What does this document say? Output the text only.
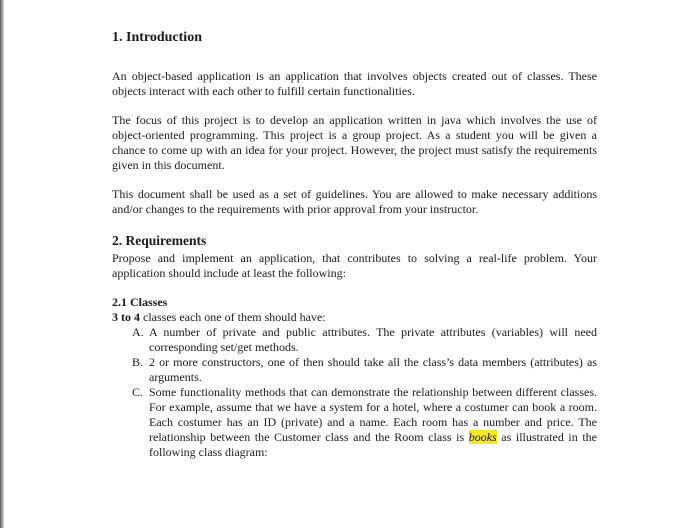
1. Introduction

An object-based application is an application that involves objects created out of classes. These objects interact with each other to fulfill certain functionalities.

The focus of this project is to develop an application written in java which involves the use of object-oriented programming. This project is a group project. As a student you will be given a chance to come up with an idea for your project. However, the project must satisfy the requirements given in this document.

This document shall be used as a set of guidelines. You are allowed to make necessary additions and/or changes to the requirements with prior approval from your instructor.

2. Requirements

Propose and implement an application, that contributes to solving a real-life problem. Your application should include at least the following:

2.1 Classes

3 to 4 classes each one of them should have:

A. A number of private and public attributes. The private attributes (variables) will need corresponding set/get methods.
B. 2 or more constructors, one of then should take all the class’s data members (attributes) as arguments.
C. Some functionality methods that can demonstrate the relationship between different classes. For example, assume that we have a system for a hotel, where a costumer can book a room. Each costumer has an ID (private) and a name. Each room has a number and price. The relationship between the Customer class and the Room class is books as illustrated in the following class diagram:
